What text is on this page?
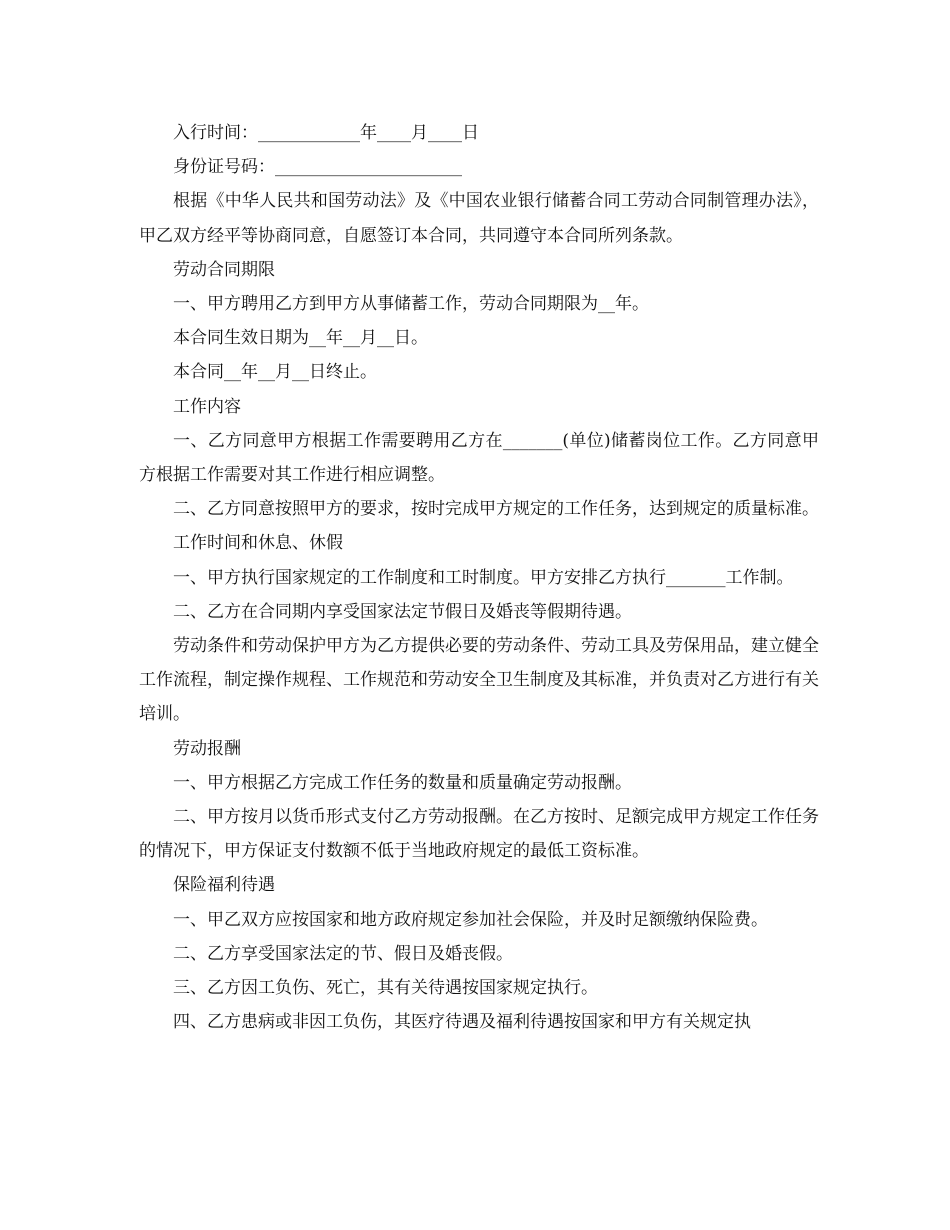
入行时间：____________年____月____日

身份证号码：______________________

根据《中华人民共和国劳动法》及《中国农业银行储蓄合同工劳动合同制管理办法》，甲乙双方经平等协商同意，自愿签订本合同，共同遵守本合同所列条款。

劳动合同期限

一、甲方聘用乙方到甲方从事储蓄工作，劳动合同期限为__年。

本合同生效日期为__年__月__日。

本合同__年__月__日终止。

工作内容

一、乙方同意甲方根据工作需要聘用乙方在_______(单位)储蓄岗位工作。乙方同意甲方根据工作需要对其工作进行相应调整。

二、乙方同意按照甲方的要求，按时完成甲方规定的工作任务，达到规定的质量标准。

工作时间和休息、休假

一、甲方执行国家规定的工作制度和工时制度。甲方安排乙方执行_______工作制。

二、乙方在合同期内享受国家法定节假日及婚丧等假期待遇。

劳动条件和劳动保护甲方为乙方提供必要的劳动条件、劳动工具及劳保用品，建立健全工作流程，制定操作规程、工作规范和劳动安全卫生制度及其标准，并负责对乙方进行有关培训。

劳动报酬

一、甲方根据乙方完成工作任务的数量和质量确定劳动报酬。

二、甲方按月以货币形式支付乙方劳动报酬。在乙方按时、足额完成甲方规定工作任务的情况下，甲方保证支付数额不低于当地政府规定的最低工资标准。

保险福利待遇

一、甲乙双方应按国家和地方政府规定参加社会保险，并及时足额缴纳保险费。

二、乙方享受国家法定的节、假日及婚丧假。

三、乙方因工负伤、死亡，其有关待遇按国家规定执行。

四、乙方患病或非因工负伤，其医疗待遇及福利待遇按国家和甲方有关规定执
